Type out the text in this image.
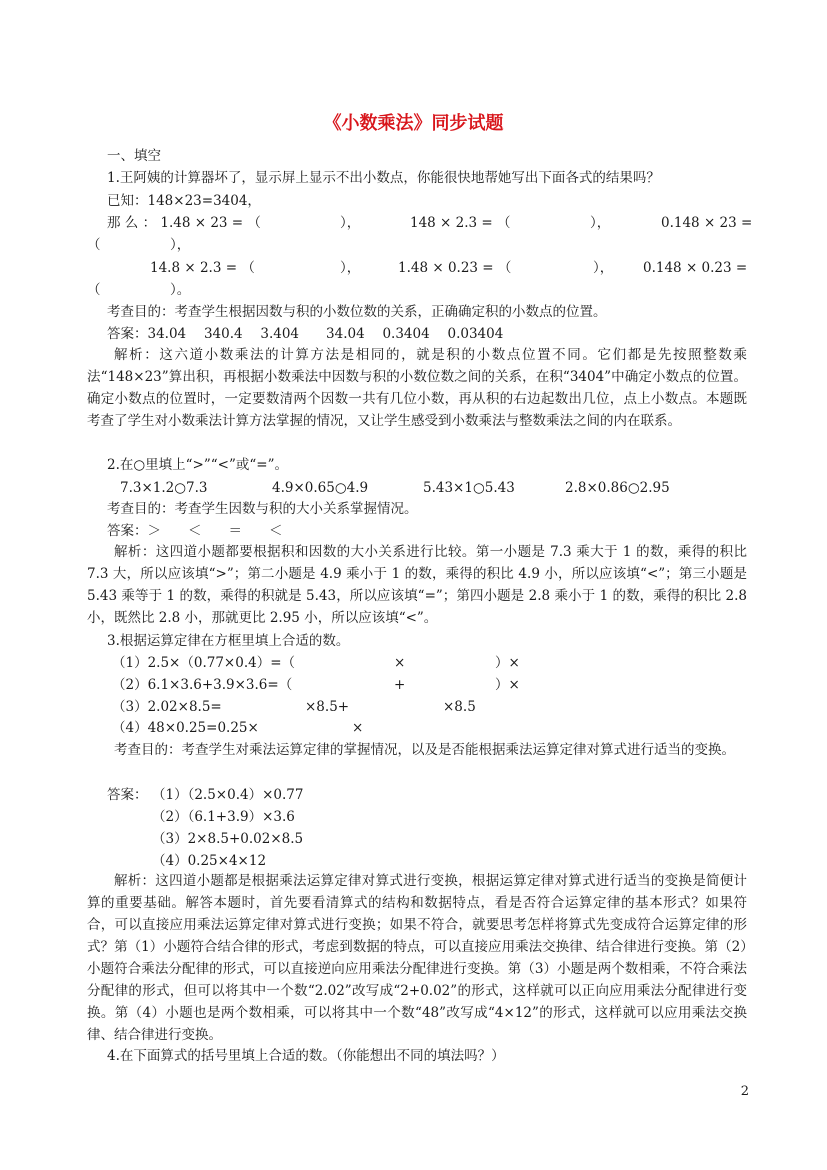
《小数乘法》同步试题
一、填空
1.王阿姨的计算器坏了，显示屏上显示不出小数点，你能很快地帮她写出下面各式的结果吗？
已知：148×23=3404，
那 么 ： 1.48 × 23 = （	），	148 × 2.3 = （	），	0.148 × 23 =
（	），
14.8 × 2.3 = （	），	1.48 × 0.23 = （	）， 0.148 × 0.23 =
（	）。
考查目的：考查学生根据因数与积的小数位数的关系，正确确定积的小数点的位置。
答案：34.04　 340.4　 3.404　　34.04　 0.3404　 0.03404
解析：这六道小数乘法的计算方法是相同的，就是积的小数点位置不同。它们都是先按照整数乘法“148×23”算出积，再根据小数乘法中因数与积的小数位数之间的关系，在积“3404”中确定小数点的位置。确定小数点的位置时，一定要数清两个因数一共有几位小数，再从积的右边起数出几位，点上小数点。本题既考查了学生对小数乘法计算方法掌握的情况，又让学生感受到小数乘法与整数乘法之间的内在联系。
2.在○里填上“>”“<”或“=”。
7.3×1.2○7.3	4.9×0.65○4.9	5.43×1○5.43	2.8×0.86○2.95
考查目的：考查学生因数与积的大小关系掌握情况。
答案：＞　　＜　　＝　　＜
解析：这四道小题都要根据积和因数的大小关系进行比较。第一小题是 7.3 乘大于 1 的数，乘得的积比 7.3 大，所以应该填“>”；第二小题是 4.9 乘小于 1 的数，乘得的积比 4.9 小，所以应该填“<”；第三小题是 5.43 乘等于 1 的数，乘得的积就是 5.43，所以应该填“=”；第四小题是 2.8 乘小于 1 的数，乘得的积比 2.8 小，既然比 2.8 小，那就更比 2.95 小，所以应该填“<”。
3.根据运算定律在方框里填上合适的数。
（1）2.5×（0.77×0.4）=（	×	）×
（2）6.1×3.6+3.9×3.6=（	+	）×
（3）2.02×8.5=	×8.5+	×8.5
（4）48×0.25=0.25×	×
考查目的：考查学生对乘法运算定律的掌握情况，以及是否能根据乘法运算定律对算式进行适当的变换。
答案： （1）（2.5×0.4）×0.77
（2）（6.1+3.9）×3.6
（3）2×8.5+0.02×8.5
（4）0.25×4×12
解析：这四道小题都是根据乘法运算定律对算式进行变换，根据运算定律对算式进行适当的变换是简便计算的重要基础。解答本题时，首先要看清算式的结构和数据特点，看是否符合运算定律的基本形式？如果符合，可以直接应用乘法运算定律对算式进行变换；如果不符合，就要思考怎样将算式先变成符合运算定律的形式？第（1）小题符合结合律的形式，考虑到数据的特点，可以直接应用乘法交换律、结合律进行变换。第（2）小题符合乘法分配律的形式，可以直接逆向应用乘法分配律进行变换。第（3）小题是两个数相乘，不符合乘法分配律的形式，但可以将其中一个数“2.02”改写成“2+0.02”的形式，这样就可以正向应用乘法分配律进行变换。第（4）小题也是两个数相乘，可以将其中一个数“48”改写成“4×12”的形式，这样就可以应用乘法交换律、结合律进行变换。
4.在下面算式的括号里填上合适的数。（你能想出不同的填法吗？）
2
